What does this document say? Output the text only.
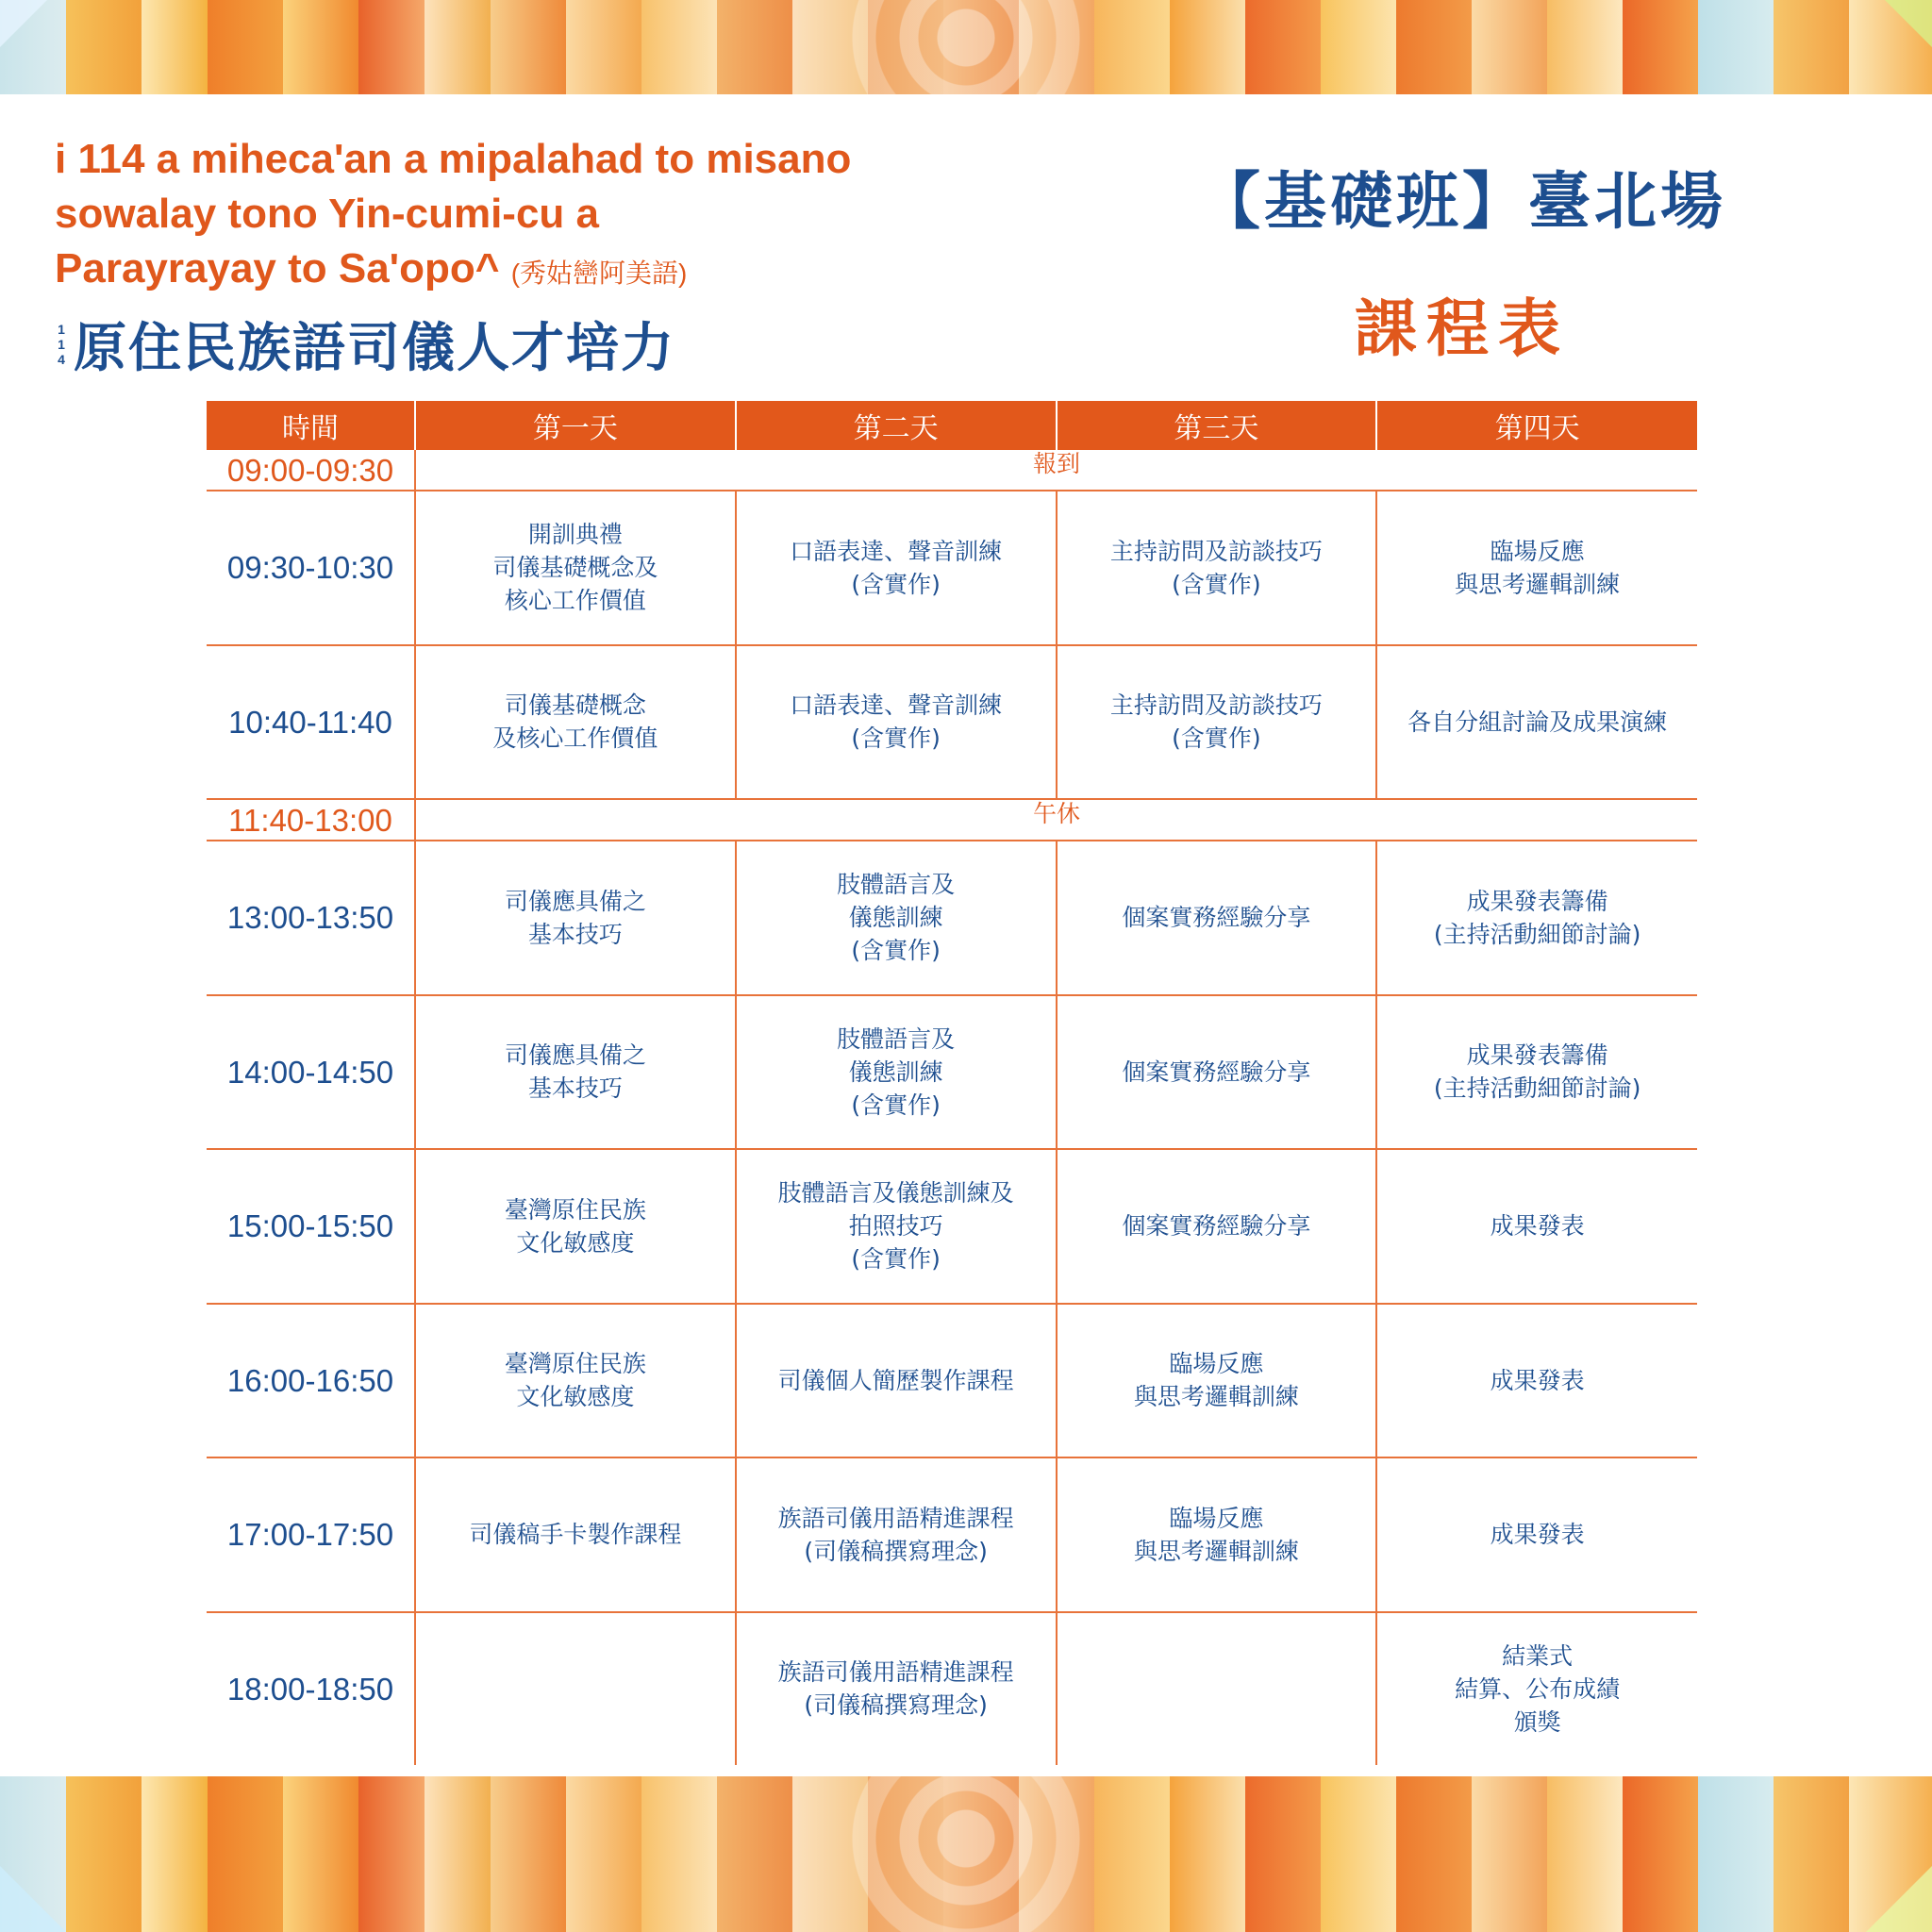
i 114 a miheca'an a mipalahad to misano
sowalay tono Yin-cumi-cu a
Parayrayay to Sa'opo^ (秀姑巒阿美語)

1
1
4 原住民族語司儀人才培力
【基礎班】臺北場
課程表
時間	第一天	第二天	第三天	第四天
09:00-09:30	報到			
09:30-10:30	開訓典禮
司儀基礎概念及
核心工作價值	口語表達、聲音訓練
(含實作)	主持訪問及訪談技巧
(含實作)	臨場反應
與思考邏輯訓練
10:40-11:40	司儀基礎概念
及核心工作價值	口語表達、聲音訓練
(含實作)	主持訪問及訪談技巧
(含實作)	各自分組討論及成果演練
11:40-13:00	午休			
13:00-13:50	司儀應具備之
基本技巧	肢體語言及
儀態訓練
(含實作)	個案實務經驗分享	成果發表籌備
(主持活動細節討論)
14:00-14:50	司儀應具備之
基本技巧	肢體語言及
儀態訓練
(含實作)	個案實務經驗分享	成果發表籌備
(主持活動細節討論)
15:00-15:50	臺灣原住民族
文化敏感度	肢體語言及儀態訓練及
拍照技巧
(含實作)	個案實務經驗分享	成果發表
16:00-16:50	臺灣原住民族
文化敏感度	司儀個人簡歷製作課程	臨場反應
與思考邏輯訓練	成果發表
17:00-17:50	司儀稿手卡製作課程	族語司儀用語精進課程
(司儀稿撰寫理念)	臨場反應
與思考邏輯訓練	成果發表
18:00-18:50		族語司儀用語精進課程
(司儀稿撰寫理念)		結業式
結算、公布成績
頒獎
